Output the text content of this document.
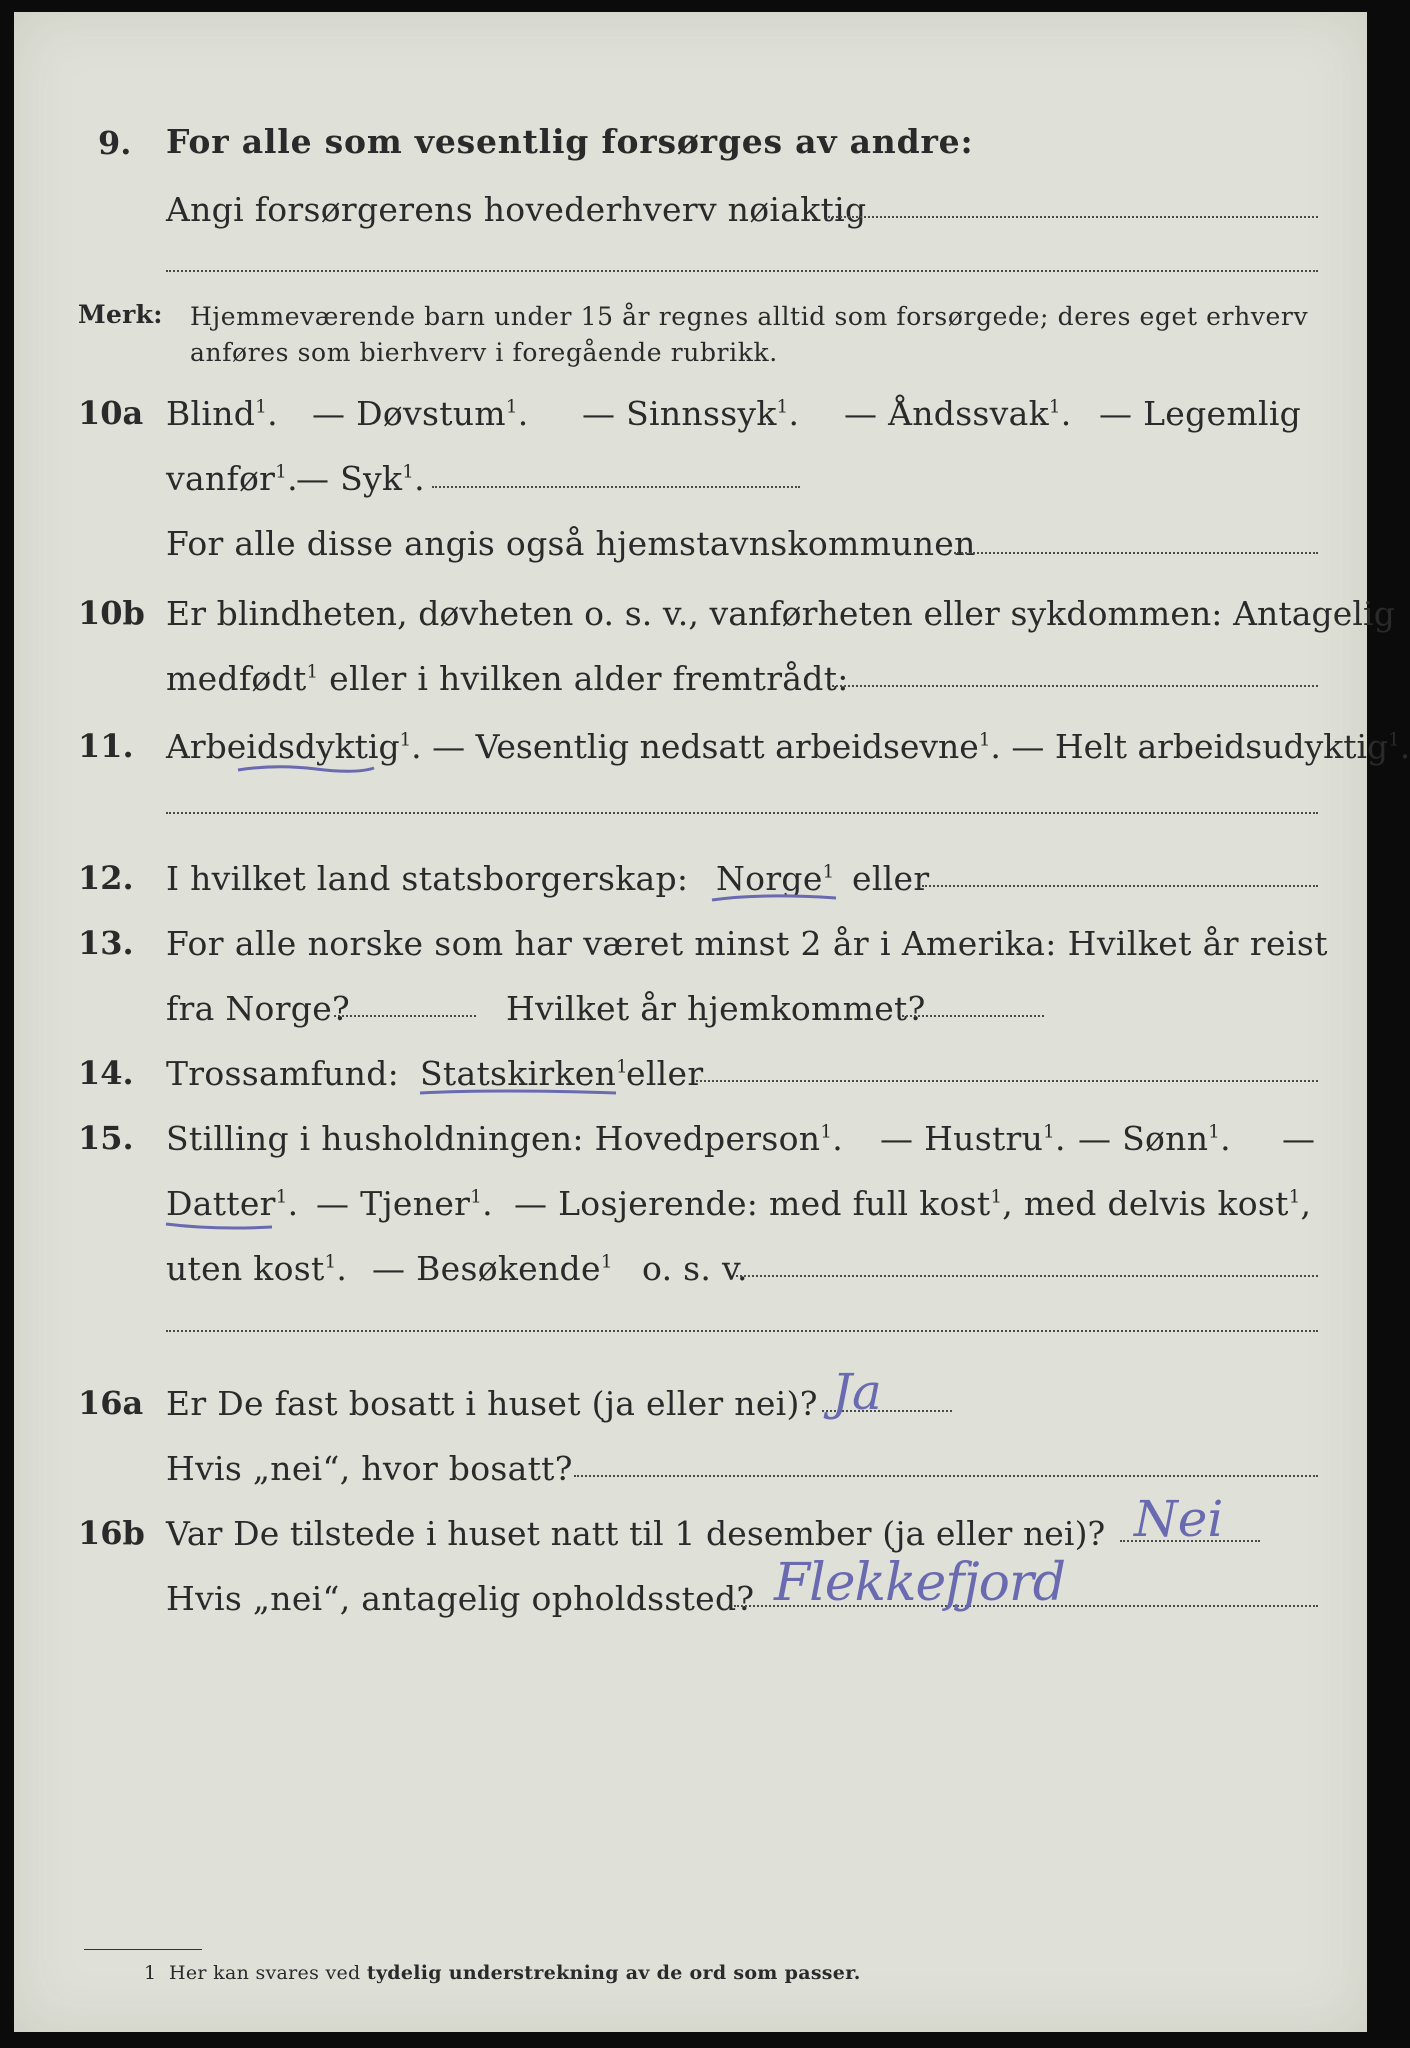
9. For alle som vesentlig forsørges av andre:
Angi forsørgerens hovederhverv nøiaktig
Merk: Hjemmeværende barn under 15 år regnes alltid som forsørgede; deres eget erhverv
anføres som bierhverv i foregående rubrikk.
10a Blind$^1$. — Døvstum$^1$. — Sinnssyk$^1$. — Åndssvak$^1$. — Legemlig
vanfør$^1$.
— Syk$^1$.
For alle disse angis også hjemstavnskommunen
10b Er blindheten, døvheten o. s. v., vanførheten eller sykdommen: Antagelig
medfødt$^1$ eller i hvilken alder fremtrådt:
11. Arbeidsdyktig$^1$. — Vesentlig nedsatt arbeidsevne$^1$. — Helt arbeidsudyktig$^1$.
12. I hvilket land statsborgerskap: Norge$^1$ eller
13. For alle norske som har været minst 2 år i Amerika: Hvilket år reist
fra Norge?	Hvilket år hjemkommet?
14. Trossamfund: Statskirken$^1$
eller
15. Stilling i husholdningen: Hovedperson$^1$. — Hustru$^1$. — Sønn$^1$. —
Datter$^1$. — Tjener$^1$. — Losjerende: med full kost$^1$, med delvis kost$^1$,
uten kost$^1$. — Besøkende$^1$ o. s. v.
16a Er De fast bosatt i huset (ja eller nei)? Ja
Hvis „nei“, hvor bosatt?
16b Var De tilstede i huset natt til 1 desember (ja eller nei)? Nei
Hvis „nei“, antagelig opholdssted? Flekkefjord
1 Her kan svares ved tydelig understrekning av de ord som passer.
